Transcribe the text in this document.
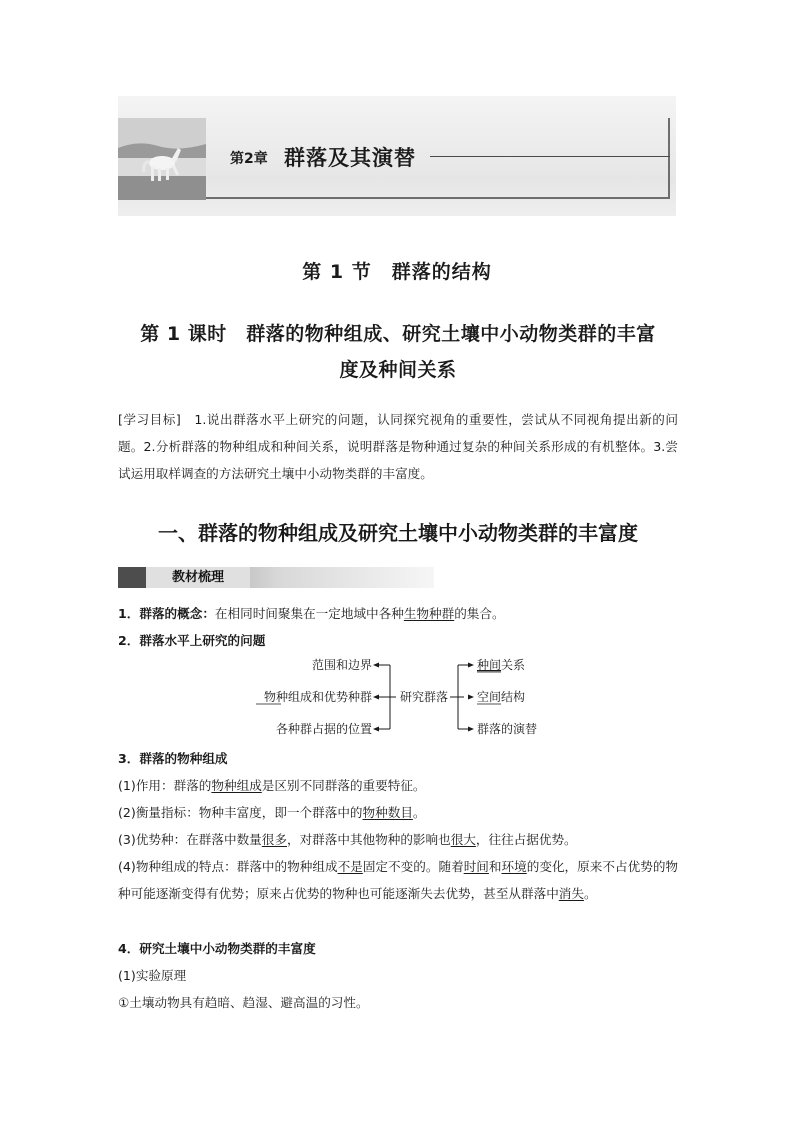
第2章 群落及其演替
第 1 节　群落的结构
第 1 课时　群落的物种组成、研究土壤中小动物类群的丰富
度及种间关系
[学习目标]　1.说出群落水平上研究的问题，认同探究视角的重要性，尝试从不同视角提出新的问题。2.分析群落的物种组成和种间关系，说明群落是物种通过复杂的种间关系形成的有机整体。3.尝试运用取样调查的方法研究土壤中小动物类群的丰富度。
一、群落的物种组成及研究土壤中小动物类群的丰富度
教材梳理
1．群落的概念：在相同时间聚集在一定地域中各种生物种群的集合。
2．群落水平上研究的问题
范围和边界
物种组成和优势种群
各种群占据的位置
研究群落
种间关系
空间结构
群落的演替
3．群落的物种组成
(1)作用：群落的物种组成是区别不同群落的重要特征。
(2)衡量指标：物种丰富度，即一个群落中的物种数目。
(3)优势种：在群落中数量很多，对群落中其他物种的影响也很大，往往占据优势。
(4)物种组成的特点：群落中的物种组成不是固定不变的。随着时间和环境的变化，原来不占优势的物种可能逐渐变得有优势；原来占优势的物种也可能逐渐失去优势，甚至从群落中消失。
4．研究土壤中小动物类群的丰富度
(1)实验原理
①土壤动物具有趋暗、趋湿、避高温的习性。
